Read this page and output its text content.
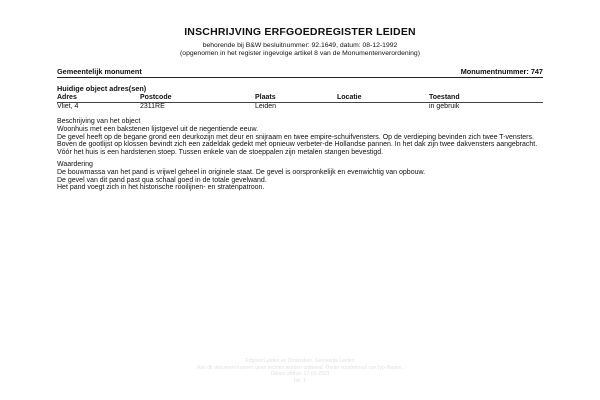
INSCHRIJVING ERFGOEDREGISTER LEIDEN
behorende bij B&W besluitnummer: 92.1649, datum: 08-12-1992
(opgenomen in het register ingevolge artikel 8 van de Monumentenverordening)
Gemeentelijk monument	Monumentnummer: 747
Huidige object adres(sen)
Adres	Postcode	Plaats	Locatie	Toestand
Vliet, 4	2311RE	Leiden		in gebruik

Beschrijving van het object

Woonhuis met een bakstenen lijstgevel uit de negentiende eeuw.

De gevel heeft op de begane grond een deurkozijn met deur en snijraam en twee empire-schuifvensters. Op de verdieping bevinden zich twee T-vensters. Boven de gootlijst op klossen bevindt zich een zadeldak gedekt met opnieuw verbeter-de Hollandse pannen. In het dak zijn twee dakvensters aangebracht.

Vóór het huis is een hardstenen stoep. Tussen enkele van de stoeppalen zijn metalen stangen bevestigd.

Waardering

De bouwmassa van het pand is vrijwel geheel in originele staat. De gevel is oorspronkelijk en evenwichtig van opbouw.

De gevel van dit pand past qua schaal goed in de totale gevelwand.

Het pand voegt zich in het historische rooilijnen- en stratenpatroon.

Erfgoed Leiden en Omstreken, Gemeente Leiden
Aan dit document kunnen geen rechten worden ontleend. Onder voorbehoud van typ-/fouten.
Datum afdruk: 17-03-2013
blz. 1
